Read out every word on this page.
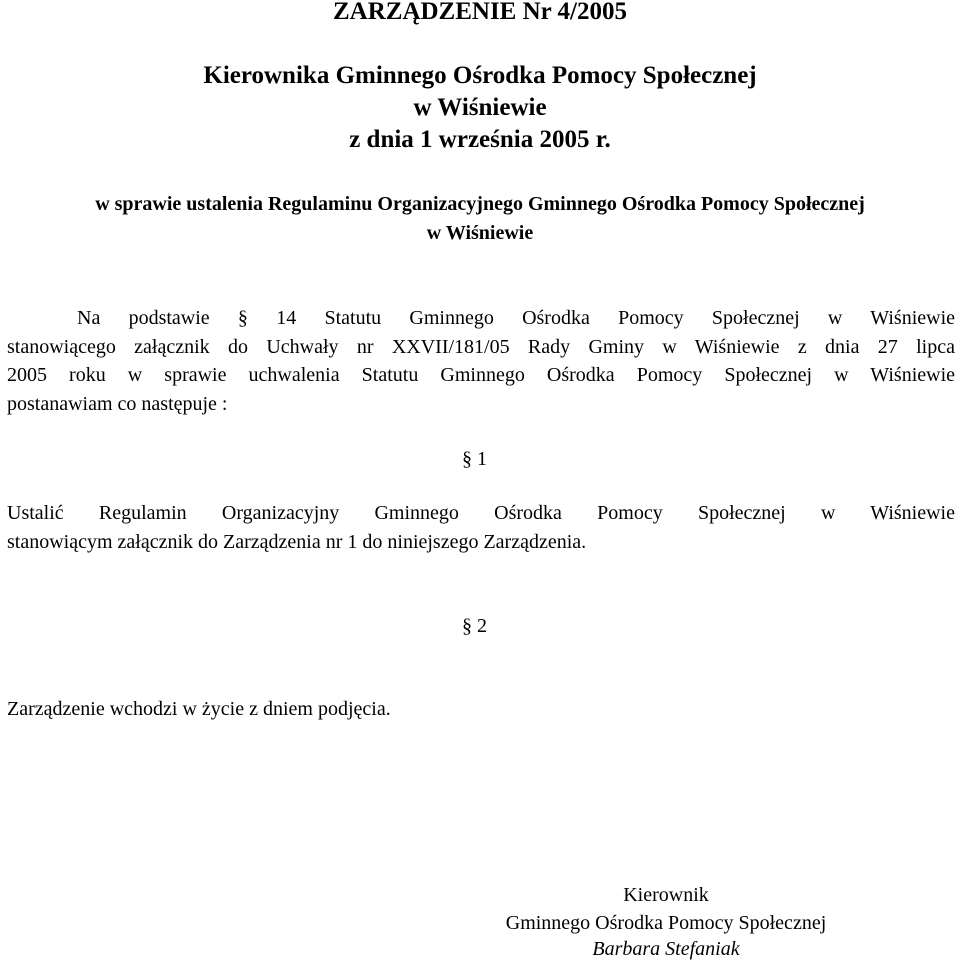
ZARZĄDZENIE Nr 4/2005
Kierownika Gminnego Ośrodka Pomocy Społecznej
w Wiśniewie
z dnia 1 września 2005 r.
w sprawie ustalenia Regulaminu Organizacyjnego Gminnego Ośrodka Pomocy Społecznej
w Wiśniewie
Na podstawie § 14 Statutu Gminnego Ośrodka Pomocy Społecznej w Wiśniewie
stanowiącego załącznik do Uchwały nr XXVII/181/05 Rady Gminy w Wiśniewie z dnia 27 lipca
2005 roku w sprawie uchwalenia Statutu Gminnego Ośrodka Pomocy Społecznej w Wiśniewie
postanawiam co następuje :
§ 1
Ustalić Regulamin Organizacyjny Gminnego Ośrodka Pomocy Społecznej w Wiśniewie
stanowiącym załącznik do Zarządzenia nr 1 do niniejszego Zarządzenia.
§ 2
Zarządzenie wchodzi w życie z dniem podjęcia.
Kierownik
Gminnego Ośrodka Pomocy Społecznej
Barbara Stefaniak
